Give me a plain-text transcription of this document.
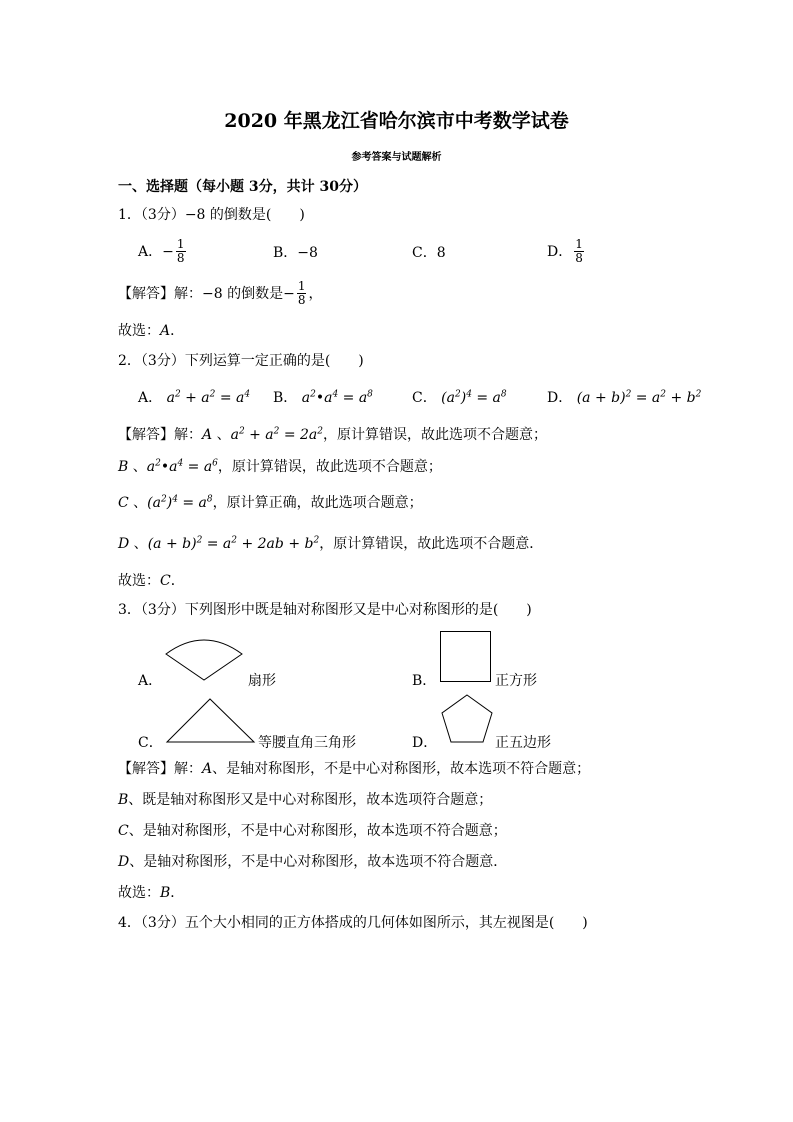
2020 年黑龙江省哈尔滨市中考数学试卷
参考答案与试题解析
一、选择题（每小题 3分，共计 30分）
1．（3分）−8 的倒数是(　　)
A． − $\frac{1}{8}$	B．−8	C．8	D． $\frac{1}{8}$
【解答】 解：−8 的倒数是− $\frac{1}{8}$ ，
故选：A．
2．（3分）下列运算一定正确的是(　　)
A． $a^2 + a^2 = a^4$ B． $a^2•a^4 = a^8$	C． $(a^2)^4 = a^8$	D． $(a + b)^2 = a^2 + b^2$
【解答】解：A 、$a^2 + a^2 = 2a^2$，原计算错误，故此选项不合题意；
B 、$a^2•a^4 = a^6$，原计算错误，故此选项不合题意；
C 、$(a^2)^4 = a^8$，原计算正确，故此选项合题意；
D 、$(a + b)^2 = a^2 + 2ab + b^2$，原计算错误，故此选项不合题意．
故选：C．
3．（3分）下列图形中既是轴对称图形又是中心对称图形的是(　　)
A．	扇形	B．	正方形
C．	等腰直角三角形	D．	正五边形
【解答】解：A、是轴对称图形，不是中心对称图形，故本选项不符合题意；
B、既是轴对称图形又是中心对称图形，故本选项符合题意；
C、是轴对称图形，不是中心对称图形，故本选项不符合题意；
D、是轴对称图形，不是中心对称图形，故本选项不符合题意．
故选：B．
4．（3分）五个大小相同的正方体搭成的几何体如图所示，其左视图是(　　)
